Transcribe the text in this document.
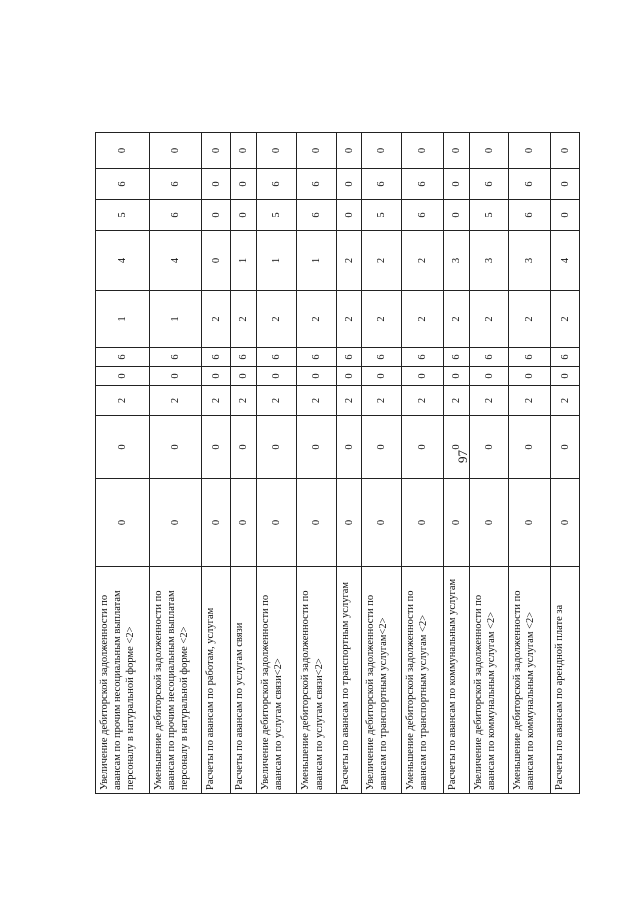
97
Увеличение дебиторской задолженности по авансам по прочим несоциальным выплатам персоналу в натуральной форме <2>	0	0	2	0	6	1	4	5	6	0
Уменьшение дебиторской задолженности по авансам по прочим несоциальным выплатам персоналу в натуральной форме <2>	0	0	2	0	6	1	4	6	6	0
Расчеты по авансам по работам, услугам	0	0	2	0	6	2	0	0	0	0
Расчеты по авансам по услугам связи	0	0	2	0	6	2	1	0	0	0
Увеличение дебиторской задолженности по авансам по услугам связи<2>	0	0	2	0	6	2	1	5	6	0
Уменьшение дебиторской задолженности по авансам по услугам связи<2>	0	0	2	0	6	2	1	6	6	0
Расчеты по авансам по транспортным услугам	0	0	2	0	6	2	2	0	0	0
Увеличение дебиторской задолженности по авансам по транспортным услугам<2>	0	0	2	0	6	2	2	5	6	0
Уменьшение дебиторской задолженности по авансам по транспортным услугам <2>	0	0	2	0	6	2	2	6	6	0
Расчеты по авансам по коммунальным услугам	0	0	2	0	6	2	3	0	0	0
Увеличение дебиторской задолженности по авансам по коммунальным услугам <2>	0	0	2	0	6	2	3	5	6	0
Уменьшение дебиторской задолженности по авансам по коммунальным услугам <2>	0	0	2	0	6	2	3	6	6	0
Расчеты по авансам по арендной плате за	0	0	2	0	6	2	4	0	0	0
